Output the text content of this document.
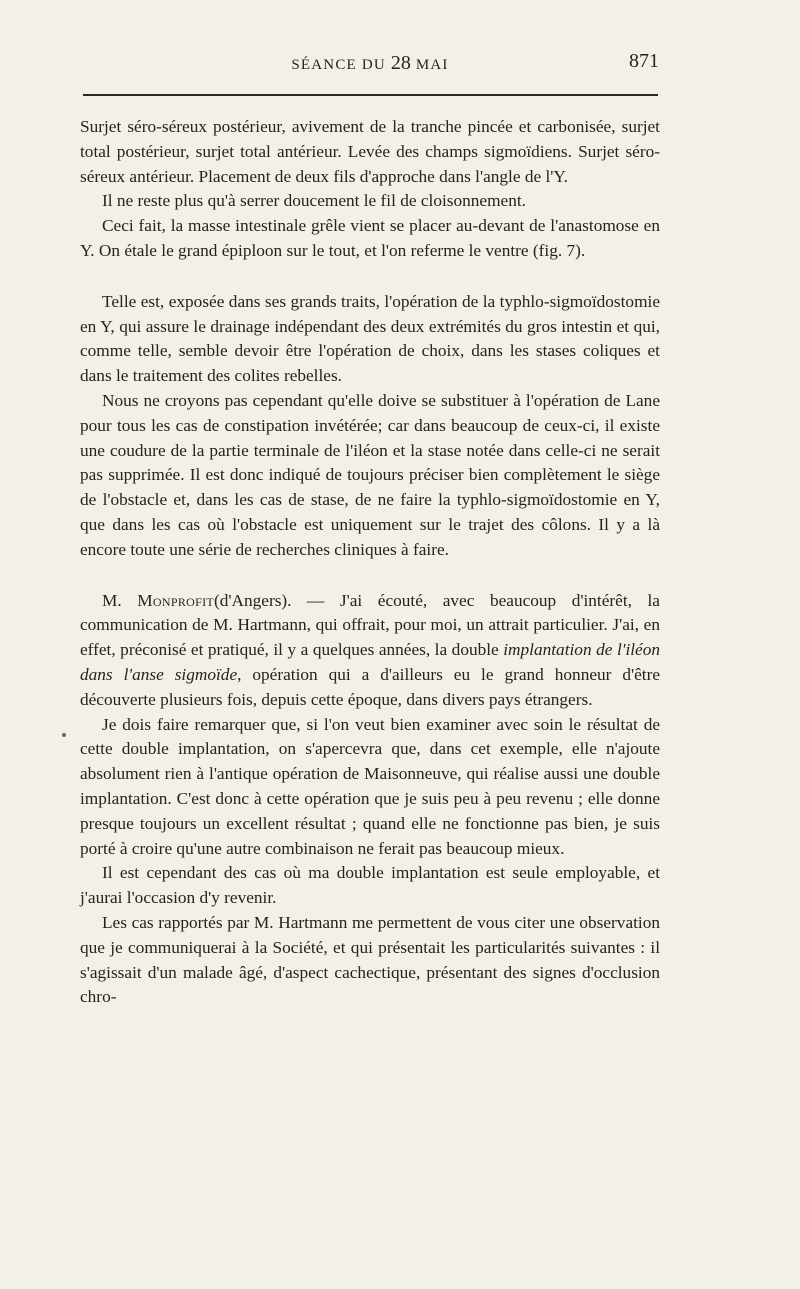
SÉANCE DU 28 MAI	871

Surjet séro-séreux postérieur, avivement de la tranche pincée et carbonisée, surjet total postérieur, surjet total antérieur. Levée des champs sigmoïdiens. Surjet séro-séreux antérieur. Placement de deux fils d'approche dans l'angle de l'Y.

Il ne reste plus qu'à serrer doucement le fil de cloisonnement.

Ceci fait, la masse intestinale grêle vient se placer au-devant de l'anastomose en Y. On étale le grand épiploon sur le tout, et l'on referme le ventre (fig. 7).

Telle est, exposée dans ses grands traits, l'opération de la typhlo-sigmoïdostomie en Y, qui assure le drainage indépendant des deux extrémités du gros intestin et qui, comme telle, semble devoir être l'opération de choix, dans les stases coliques et dans le traitement des colites rebelles.

Nous ne croyons pas cependant qu'elle doive se substituer à l'opération de Lane pour tous les cas de constipation invétérée; car dans beaucoup de ceux-ci, il existe une coudure de la partie terminale de l'iléon et la stase notée dans celle-ci ne serait pas supprimée. Il est donc indiqué de toujours préciser bien complètement le siège de l'obstacle et, dans les cas de stase, de ne faire la typhlo-sigmoïdostomie en Y, que dans les cas où l'obstacle est uniquement sur le trajet des côlons. Il y a là encore toute une série de recherches cliniques à faire.

M. Monprofit(d'Angers). — J'ai écouté, avec beaucoup d'intérêt, la communication de M. Hartmann, qui offrait, pour moi, un attrait particulier. J'ai, en effet, préconisé et pratiqué, il y a quelques années, la double implantation de l'iléon dans l'anse sigmoïde, opération qui a d'ailleurs eu le grand honneur d'être découverte plusieurs fois, depuis cette époque, dans divers pays étrangers.

Je dois faire remarquer que, si l'on veut bien examiner avec soin le résultat de cette double implantation, on s'apercevra que, dans cet exemple, elle n'ajoute absolument rien à l'antique opération de Maisonneuve, qui réalise aussi une double implantation. C'est donc à cette opération que je suis peu à peu revenu ; elle donne presque toujours un excellent résultat ; quand elle ne fonctionne pas bien, je suis porté à croire qu'une autre combinaison ne ferait pas beaucoup mieux.

Il est cependant des cas où ma double implantation est seule employable, et j'aurai l'occasion d'y revenir.

Les cas rapportés par M. Hartmann me permettent de vous citer une observation que je communiquerai à la Société, et qui présentait les particularités suivantes : il s'agissait d'un malade âgé, d'aspect cachectique, présentant des signes d'occlusion chro-
